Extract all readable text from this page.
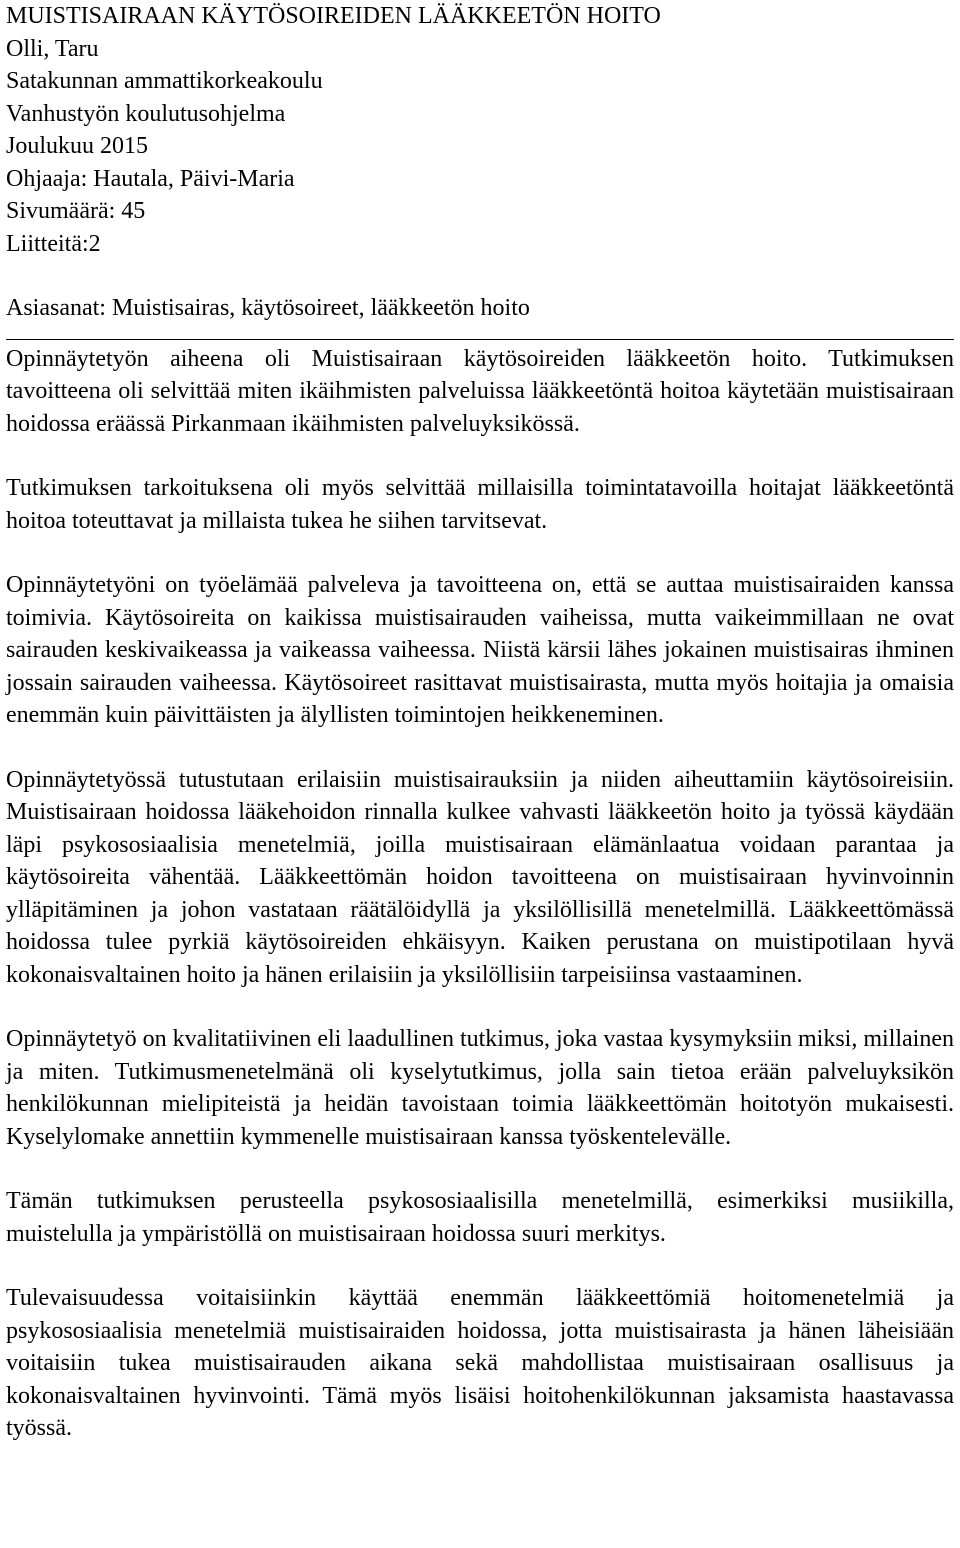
MUISTISAIRAAN KÄYTÖSOIREIDEN LÄÄKKEETÖN HOITO
Olli, Taru
Satakunnan ammattikorkeakoulu
Vanhustyön koulutusohjelma
Joulukuu 2015
Ohjaaja: Hautala, Päivi-Maria
Sivumäärä: 45
Liitteitä:2
Asiasanat: Muistisairas, käytösoireet, lääkkeetön hoito

Opinnäytetyön aiheena oli Muistisairaan käytösoireiden lääkkeetön hoito. Tutkimuksen tavoitteena oli selvittää miten ikäihmisten palveluissa lääkkeetöntä hoitoa käytetään muistisairaan hoidossa eräässä Pirkanmaan ikäihmisten palveluyksikössä.

Tutkimuksen tarkoituksena oli myös selvittää millaisilla toimintatavoilla hoitajat lääkkeetöntä hoitoa toteuttavat ja millaista tukea he siihen tarvitsevat.

Opinnäytetyöni on työelämää palveleva ja tavoitteena on, että se auttaa muistisairaiden kanssa toimivia. Käytösoireita on kaikissa muistisairauden vaiheissa, mutta vaikeimmillaan ne ovat sairauden keskivaikeassa ja vaikeassa vaiheessa. Niistä kärsii lähes jokainen muistisairas ihminen jossain sairauden vaiheessa. Käytösoireet rasittavat muistisairasta, mutta myös hoitajia ja omaisia enemmän kuin päivittäisten ja älyllisten toimintojen heikkeneminen.

Opinnäytetyössä tutustutaan erilaisiin muistisairauksiin ja niiden aiheuttamiin käytösoireisiin. Muistisairaan hoidossa lääkehoidon rinnalla kulkee vahvasti lääkkeetön hoito ja työssä käydään läpi psykososiaalisia menetelmiä, joilla muistisairaan elämänlaatua voidaan parantaa ja käytösoireita vähentää. Lääkkeettömän hoidon tavoitteena on muistisairaan hyvinvoinnin ylläpitäminen ja johon vastataan räätälöidyllä ja yksilöllisillä menetelmillä. Lääkkeettömässä hoidossa tulee pyrkiä käytösoireiden ehkäisyyn. Kaiken perustana on muistipotilaan hyvä kokonaisvaltainen hoito ja hänen erilaisiin ja yksilöllisiin tarpeisiinsa vastaaminen.

Opinnäytetyö on kvalitatiivinen eli laadullinen tutkimus, joka vastaa kysymyksiin miksi, millainen ja miten. Tutkimusmenetelmänä oli kyselytutkimus, jolla sain tietoa erään palveluyksikön henkilökunnan mielipiteistä ja heidän tavoistaan toimia lääkkeettömän hoitotyön mukaisesti. Kyselylomake annettiin kymmenelle muistisairaan kanssa työskentelevälle.

Tämän tutkimuksen perusteella psykososiaalisilla menetelmillä, esimerkiksi musiikilla, muistelulla ja ympäristöllä on muistisairaan hoidossa suuri merkitys.

Tulevaisuudessa voitaisiinkin käyttää enemmän lääkkeettömiä hoitomenetelmiä ja psykososiaalisia menetelmiä muistisairaiden hoidossa, jotta muistisairasta ja hänen läheisiään voitaisiin tukea muistisairauden aikana sekä mahdollistaa muistisairaan osallisuus ja kokonaisvaltainen hyvinvointi. Tämä myös lisäisi hoitohenkilökunnan jaksamista haastavassa työssä.
